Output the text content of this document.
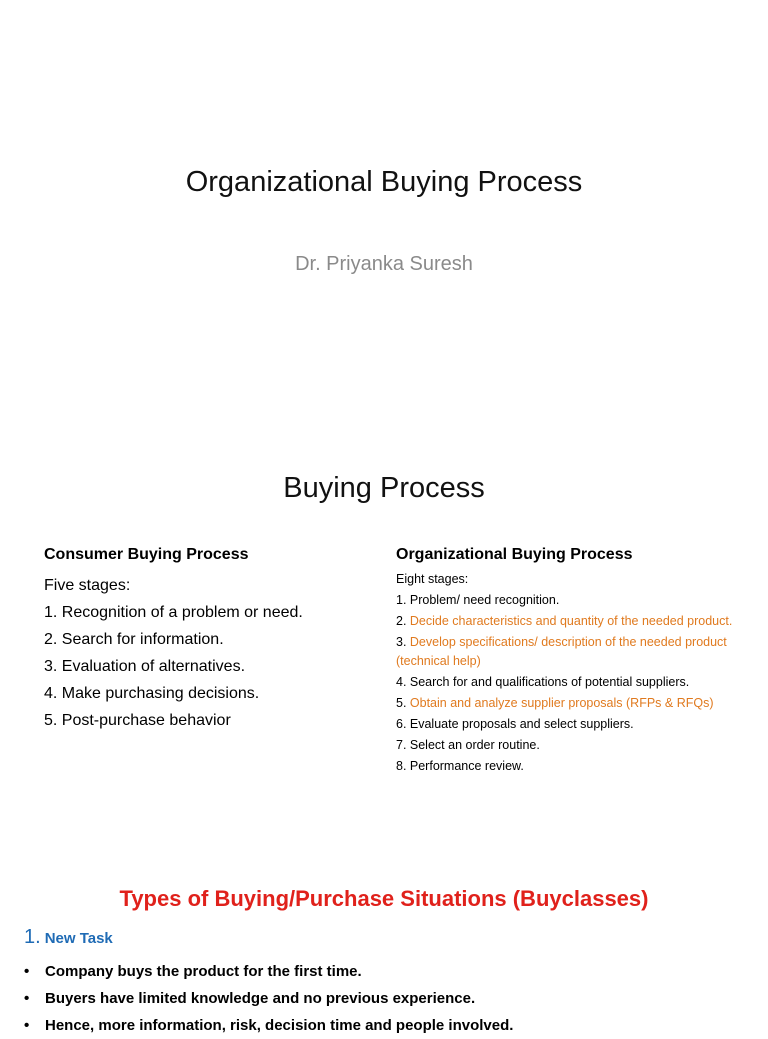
Organizational Buying Process
Dr. Priyanka Suresh
Buying Process
Consumer Buying Process
Five stages:
1. Recognition of a problem or need.
2. Search for information.
3. Evaluation of alternatives.
4. Make purchasing decisions.
5. Post-purchase behavior
Organizational Buying Process
Eight stages:
1. Problem/ need recognition.
2. Decide characteristics and quantity of the needed product.
3. Develop specifications/ description of the needed product (technical help)
4. Search for and qualifications of potential suppliers.
5. Obtain and analyze supplier proposals (RFPs & RFQs)
6. Evaluate proposals and select suppliers.
7. Select an order routine.
8. Performance review.
Types of Buying/Purchase Situations (Buyclasses)
1. New Task
• Company buys the product for the first time.
• Buyers have limited knowledge and no previous experience.
• Hence, more information, risk, decision time and people involved.
